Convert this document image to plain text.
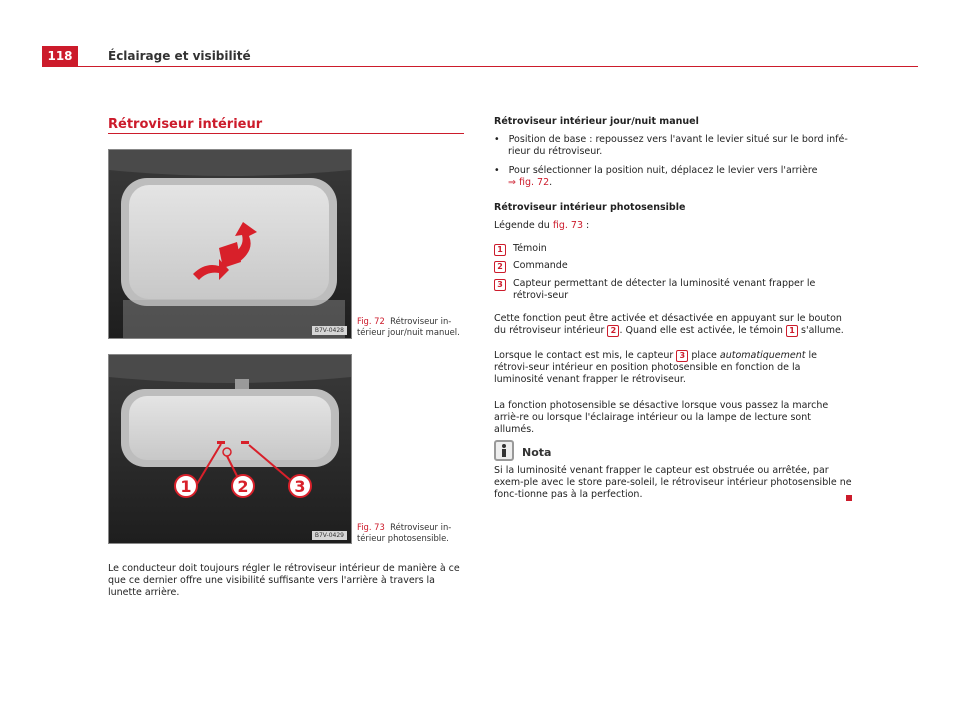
118	Éclairage et visibilité
Rétroviseur intérieur
B7V-0428
Fig. 72 Rétroviseur in-
térieur jour/nuit manuel.
1	2	3
B7V-0429
Fig. 73 Rétroviseur in-
térieur photosensible.
Le conducteur doit toujours régler le rétroviseur intérieur de manière à ce que ce dernier offre une visibilité suffisante vers l'arrière à travers la lunette arrière.
Rétroviseur intérieur jour/nuit manuel
•   Position de base : repoussez vers l'avant le levier situé sur le bord infé-rieur du rétroviseur.
•   Pour sélectionner la position nuit, déplacez le levier vers l'arrière
⇒ fig. 72.
Rétroviseur intérieur photosensible
Légende du fig. 73 :
1	Témoin
2	Commande
3	Capteur permettant de détecter la luminosité venant frapper le rétrovi-seur
Cette fonction peut être activée et désactivée en appuyant sur le bouton du rétroviseur intérieur 2 . Quand elle est activée, le témoin 1 s'allume.
Lorsque le contact est mis, le capteur 3 place automatiquement le rétrovi-seur intérieur en position photosensible en fonction de la luminosité venant frapper le rétroviseur.
La fonction photosensible se désactive lorsque vous passez la marche arriè-re ou lorsque l'éclairage intérieur ou la lampe de lecture sont allumés.
Nota
Si la luminosité venant frapper le capteur est obstruée ou arrêtée, par exem-ple avec le store pare-soleil, le rétroviseur intérieur photosensible ne fonc-tionne pas à la perfection.
